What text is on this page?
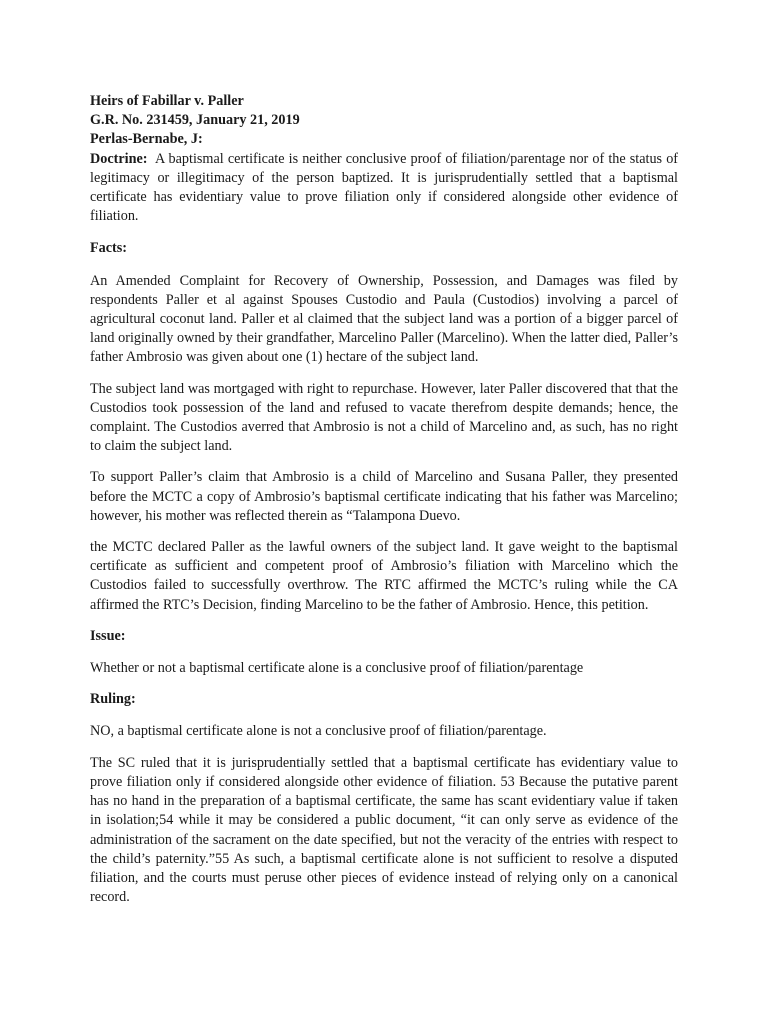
Heirs of Fabillar v. Paller

G.R. No. 231459, January 21, 2019

Perlas-Bernabe, J:

Doctrine: A baptismal certificate is neither conclusive proof of filiation/parentage nor of the status of legitimacy or illegitimacy of the person baptized. It is jurisprudentially settled that a baptismal certificate has evidentiary value to prove filiation only if considered alongside other evidence of filiation.

Facts:

An Amended Complaint for Recovery of Ownership, Possession, and Damages was filed by respondents Paller et al against Spouses Custodio and Paula (Custodios) involving a parcel of agricultural coconut land. Paller et al claimed that the subject land was a portion of a bigger parcel of land originally owned by their grandfather, Marcelino Paller (Marcelino). When the latter died, Paller’s father Ambrosio was given about one (1) hectare of the subject land.

The subject land was mortgaged with right to repurchase. However, later Paller discovered that that the Custodios took possession of the land and refused to vacate therefrom despite demands; hence, the complaint. The Custodios averred that Ambrosio is not a child of Marcelino and, as such, has no right to claim the subject land.

To support Paller’s claim that Ambrosio is a child of Marcelino and Susana Paller, they presented before the MCTC a copy of Ambrosio’s baptismal certificate indicating that his father was Marcelino; however, his mother was reflected therein as “Talampona Duevo.

the MCTC declared Paller as the lawful owners of the subject land. It gave weight to the baptismal certificate as sufficient and competent proof of Ambrosio’s filiation with Marcelino which the Custodios failed to successfully overthrow. The RTC affirmed the MCTC’s ruling while the CA affirmed the RTC’s Decision, finding Marcelino to be the father of Ambrosio. Hence, this petition.

Issue:

Whether or not a baptismal certificate alone is a conclusive proof of filiation/parentage

Ruling:

NO, a baptismal certificate alone is not a conclusive proof of filiation/parentage.

The SC ruled that it is jurisprudentially settled that a baptismal certificate has evidentiary value to prove filiation only if considered alongside other evidence of filiation. 53 Because the putative parent has no hand in the preparation of a baptismal certificate, the same has scant evidentiary value if taken in isolation;54 while it may be considered a public document, “it can only serve as evidence of the administration of the sacrament on the date specified, but not the veracity of the entries with respect to the child’s paternity.”55 As such, a baptismal certificate alone is not sufficient to resolve a disputed filiation, and the courts must peruse other pieces of evidence instead of relying only on a canonical record.
